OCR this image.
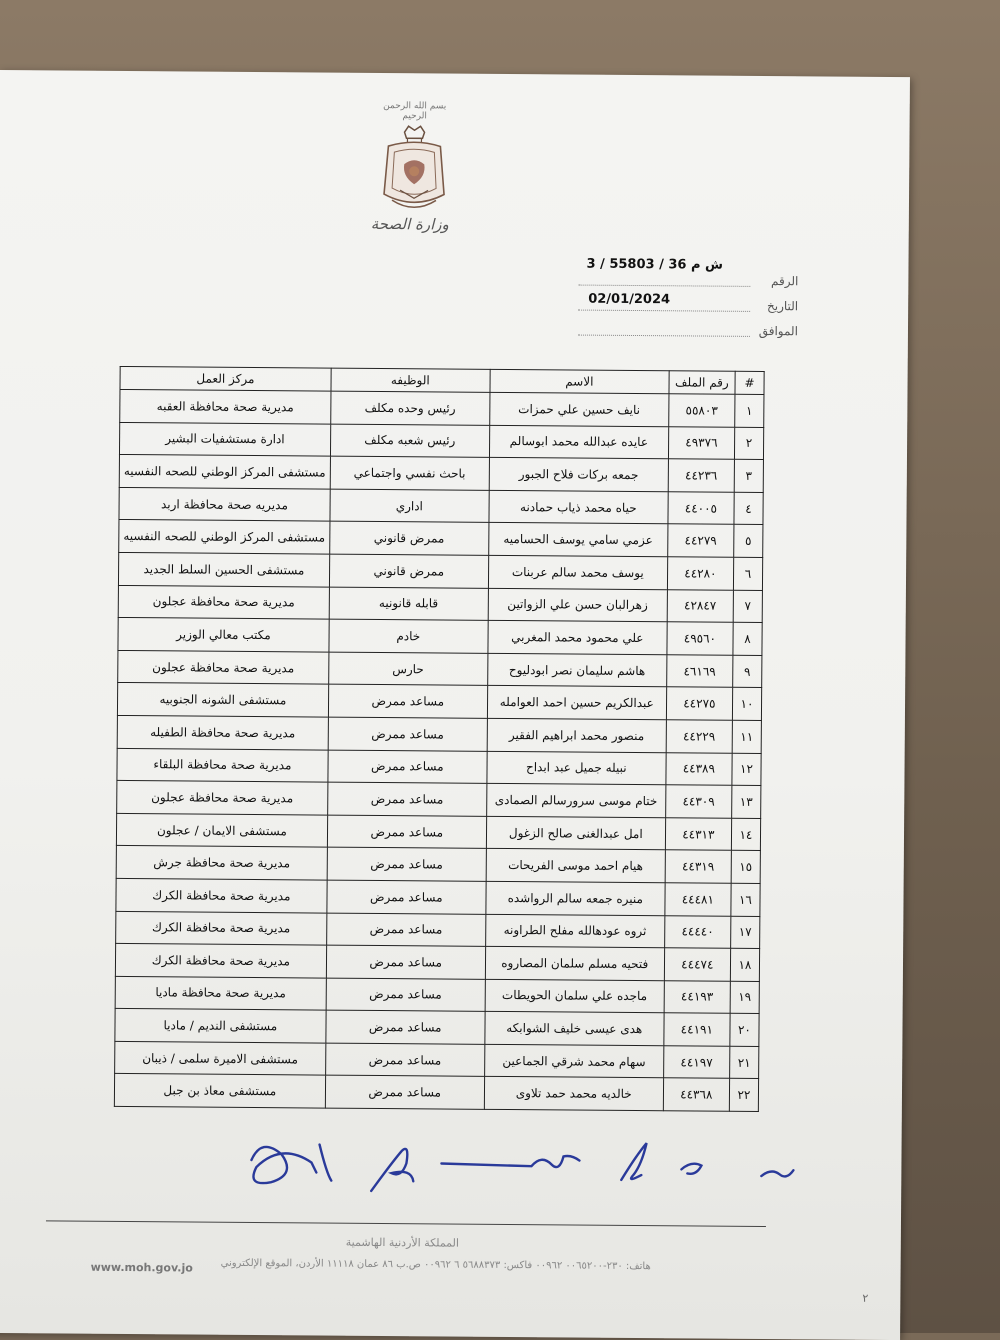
بسم الله الرحمن الرحيم
وزارة الصحة
الرقم
ش م 36 / 55803 / 3
التاريخ
02/01/2024
الموافق
#	رقم الملف	الاسم	الوظيفه	مركز العمل
١	٥٥٨٠٣	نايف حسين علي حمزات	رئيس وحده مكلف	مديرية صحة محافظة العقبه
٢	٤٩٣٧٦	عايده عبدالله محمد ابوسالم	رئيس شعبه مكلف	ادارة مستشفيات البشير
٣	٤٤٢٣٦	جمعه بركات فلاح الجبور	باحث نفسي واجتماعي	مستشفى المركز الوطني للصحه النفسيه
٤	٤٤٠٠٥	حياه محمد ذياب حمادنه	اداري	مديريه صحة محافظة اربد
٥	٤٤٢٧٩	عزمي سامي يوسف الحساميه	ممرض قانوني	مستشفى المركز الوطني للصحه النفسيه
٦	٤٤٢٨٠	يوسف محمد سالم عربنات	ممرض قانوني	مستشفى الحسين السلط الجديد
٧	٤٢٨٤٧	زهرالبان حسن علي الزواتين	قابله قانونيه	مديرية صحة محافظة عجلون
٨	٤٩٥٦٠	علي محمود محمد المغربي	خادم	مكتب معالي الوزير
٩	٤٦١٦٩	هاشم سليمان نصر ابودليوح	حارس	مديرية صحة محافظة عجلون
١٠	٤٤٢٧٥	عبدالكريم حسين احمد العوامله	مساعد ممرض	مستشفى الشونه الجنوبيه
١١	٤٤٢٢٩	منصور محمد ابراهيم الفقير	مساعد ممرض	مديرية صحة محافظة الطفيله
١٢	٤٤٣٨٩	نبيله جميل عبد ابداح	مساعد ممرض	مديرية صحة محافظة البلقاء
١٣	٤٤٣٠٩	ختام موسى سرورسالم الصمادى	مساعد ممرض	مديرية صحة محافظة عجلون
١٤	٤٤٣١٣	امل عبدالغنى صالح الزغول	مساعد ممرض	مستشفى الايمان / عجلون
١٥	٤٤٣١٩	هيام احمد موسى الفريحات	مساعد ممرض	مديرية صحة محافظة جرش
١٦	٤٤٤٨١	منيره جمعه سالم الرواشده	مساعد ممرض	مديرية صحة محافظة الكرك
١٧	٤٤٤٤٠	ثروه عودهالله مفلح الطراونه	مساعد ممرض	مديرية صحة محافظة الكرك
١٨	٤٤٤٧٤	فتحيه مسلم سلمان المصاروه	مساعد ممرض	مديرية صحة محافظة الكرك
١٩	٤٤١٩٣	ماجده علي سلمان الحويطات	مساعد ممرض	مديرية صحة محافظة ماديا
٢٠	٤٤١٩١	هدى عيسى خليف الشوابكه	مساعد ممرض	مستشفى النديم / ماديا
٢١	٤٤١٩٧	سهام محمد شرقي الجماعين	مساعد ممرض	مستشفى الاميرة سلمى / ذيبان
٢٢	٤٤٣٦٨	خالديه محمد حمد تلاوى	مساعد ممرض	مستشفى معاذ بن جبل
المملكة الأردنية الهاشمية
هاتف: ٢٣٠-٠٠٦٥٢٠٠ ٠٠٩٦٢ فاكس: ٥٦٨٨٣٧٣ ٦ ٠٠٩٦٢ ص.ب ٨٦ عمان ١١١١٨ الأردن، الموقع الإلكتروني
www.moh.gov.jo
٢
